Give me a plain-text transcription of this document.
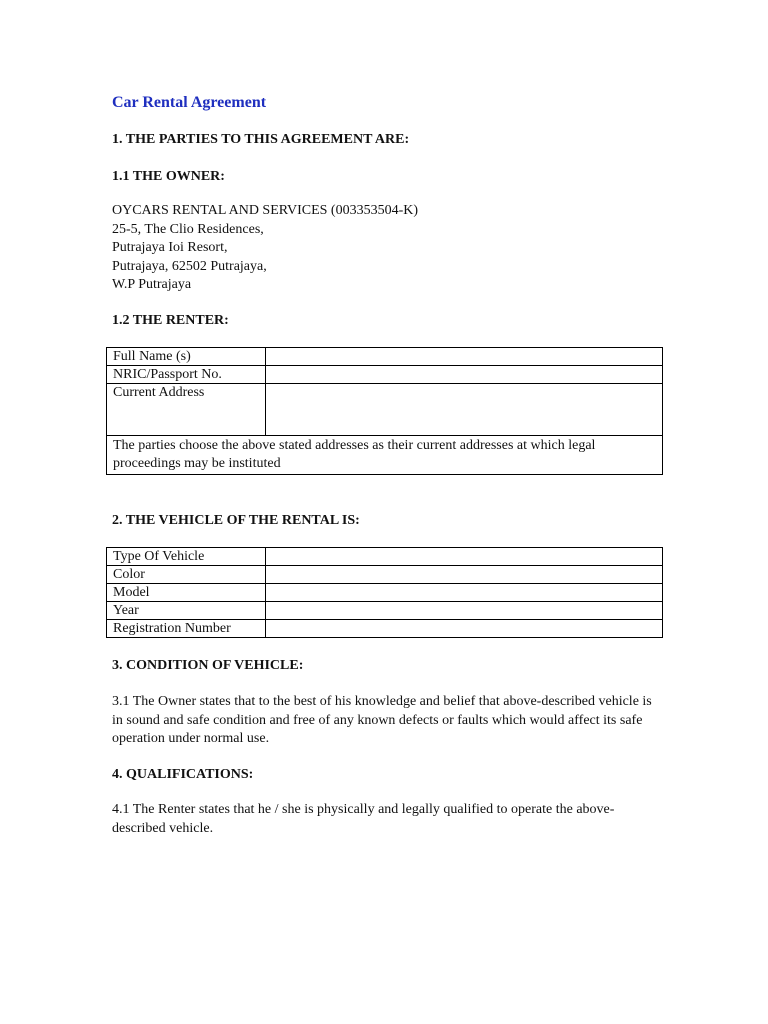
Car Rental Agreement

1. THE PARTIES TO THIS AGREEMENT ARE:

1.1 THE OWNER:

OYCARS RENTAL AND SERVICES (003353504-K)
25-5, The Clio Residences,
Putrajaya Ioi Resort,
Putrajaya, 62502 Putrajaya,
W.P Putrajaya

1.2 THE RENTER:

Full Name (s)	
NRIC/Passport No.	
Current Address	
The parties choose the above stated addresses as their current addresses at which legal proceedings may be instituted	

2. THE VEHICLE OF THE RENTAL IS:

Type Of Vehicle	
Color	
Model	
Year	
Registration Number	

3. CONDITION OF VEHICLE:

3.1 The Owner states that to the best of his knowledge and belief that above-described vehicle is in sound and safe condition and free of any known defects or faults which would affect its safe operation under normal use.

4. QUALIFICATIONS:

4.1 The Renter states that he / she is physically and legally qualified to operate the above-described vehicle.
